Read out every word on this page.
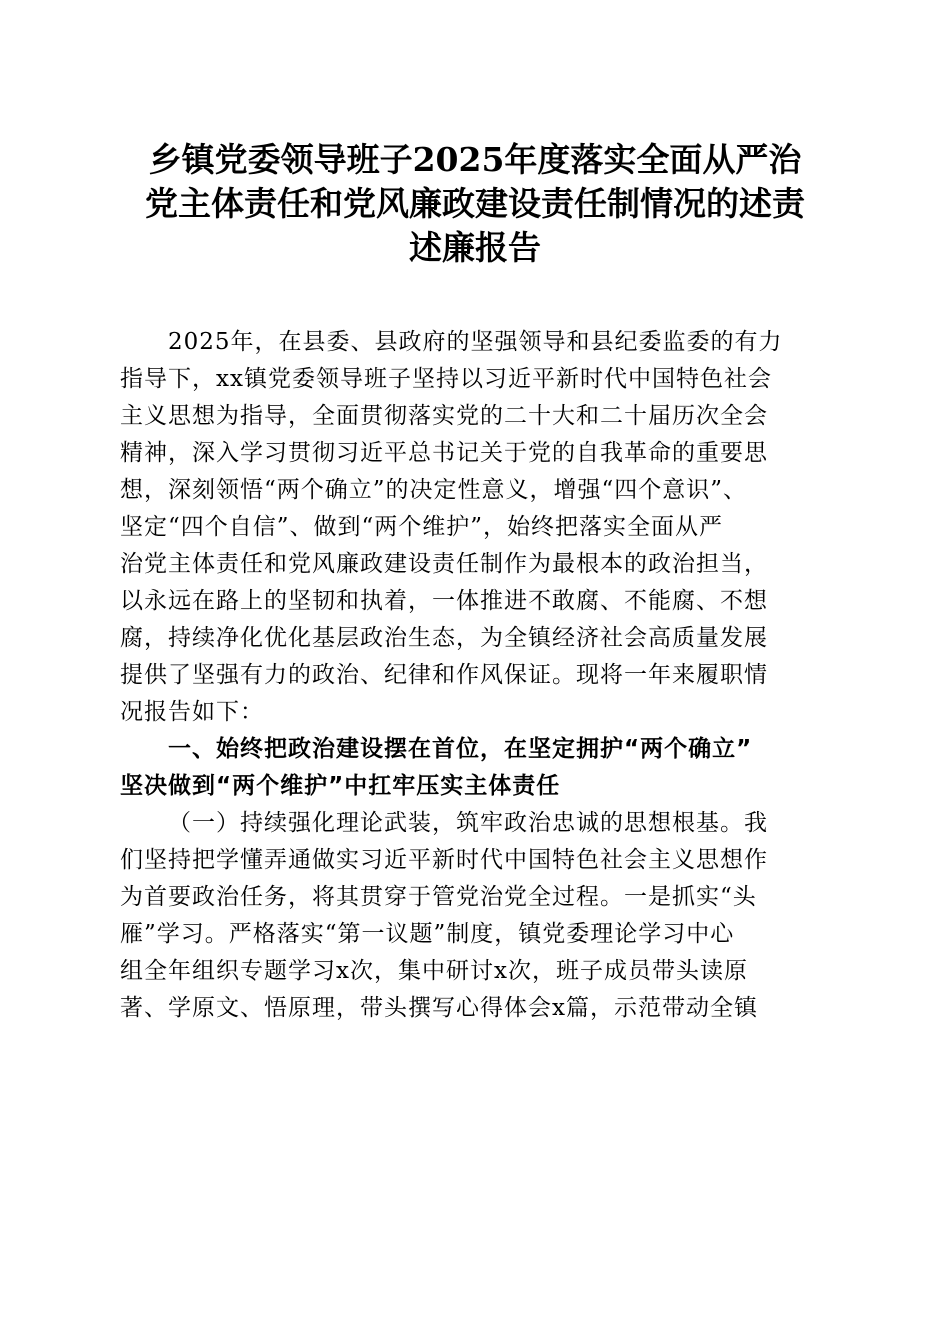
乡镇党委领导班子2025年度落实全面从严治
党主体责任和党风廉政建设责任制情况的述责
述廉报告

2025年，在县委、县政府的坚强领导和县纪委监委的有力
指导下，xx镇党委领导班子坚持以习近平新时代中国特色社会
主义思想为指导，全面贯彻落实党的二十大和二十届历次全会
精神，深入学习贯彻习近平总书记关于党的自我革命的重要思
想，深刻领悟“两个确立”的决定性意义，增强“四个意识”、
坚定“四个自信”、做到“两个维护”，始终把落实全面从严
治党主体责任和党风廉政建设责任制作为最根本的政治担当，
以永远在路上的坚韧和执着，一体推进不敢腐、不能腐、不想
腐，持续净化优化基层政治生态，为全镇经济社会高质量发展
提供了坚强有力的政治、纪律和作风保证。现将一年来履职情
况报告如下：

一、始终把政治建设摆在首位，在坚定拥护“两个确立”
坚决做到“两个维护”中扛牢压实主体责任

（一）持续强化理论武装，筑牢政治忠诚的思想根基。我
们坚持把学懂弄通做实习近平新时代中国特色社会主义思想作
为首要政治任务，将其贯穿于管党治党全过程。一是抓实“头
雁”学习。严格落实“第一议题”制度，镇党委理论学习中心
组全年组织专题学习x次，集中研讨x次，班子成员带头读原
著、学原文、悟原理，带头撰写心得体会x篇，示范带动全镇
